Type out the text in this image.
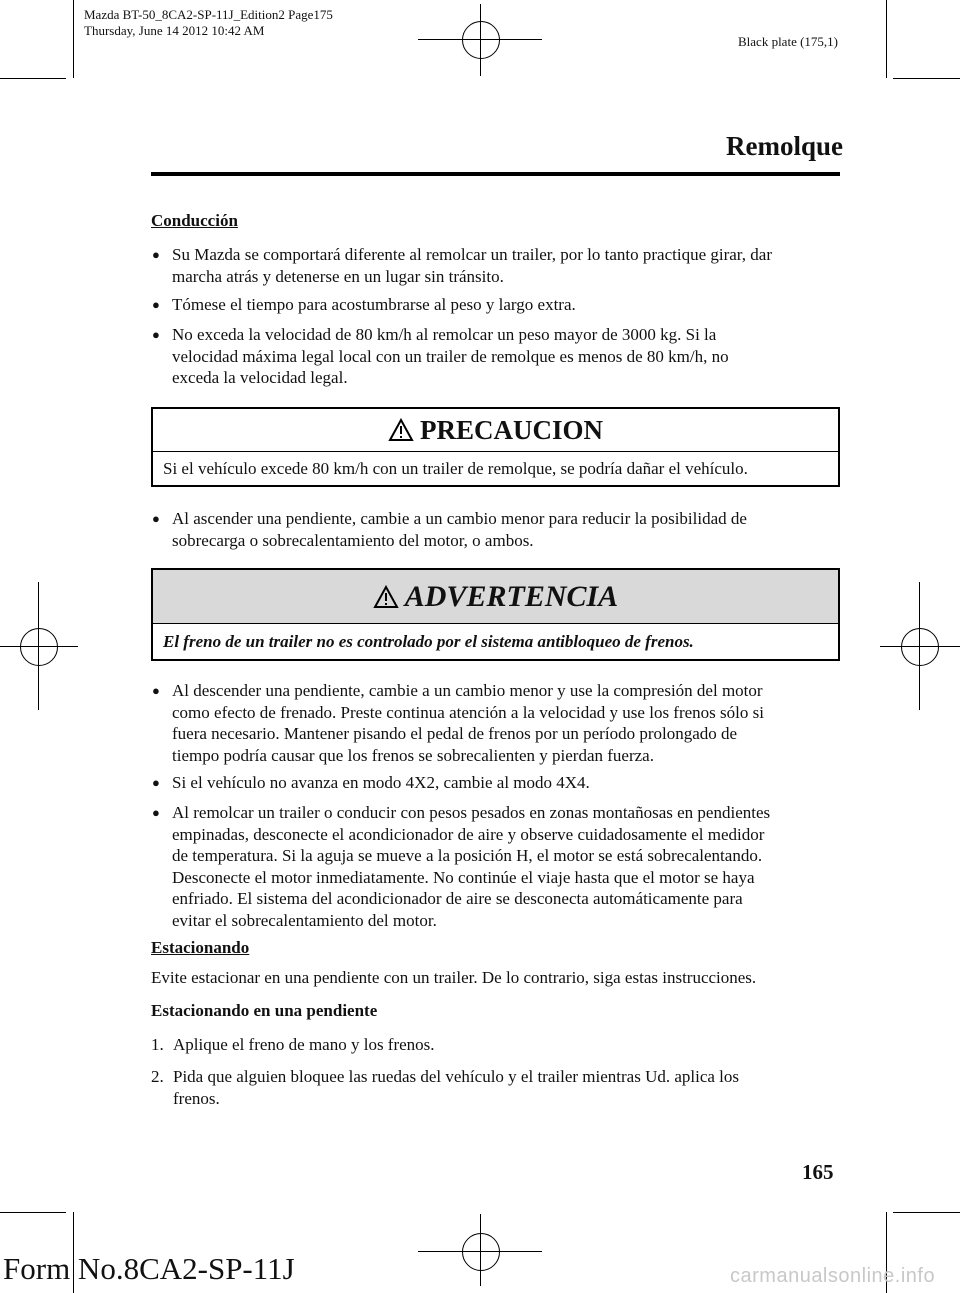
Mazda BT-50_8CA2-SP-11J_Edition2 Page175
Thursday, June 14 2012 10:42 AM
Black plate (175,1)
Remolque
Conducción
● Su Mazda se comportará diferente al remolcar un trailer, por lo tanto practique girar, dar
marcha atrás y detenerse en un lugar sin tránsito.
● Tómese el tiempo para acostumbrarse al peso y largo extra.
● No exceda la velocidad de 80 km/h al remolcar un peso mayor de 3000 kg. Si la
velocidad máxima legal local con un trailer de remolque es menos de 80 km/h, no
exceda la velocidad legal.
PRECAUCION
Si el vehículo excede 80 km/h con un trailer de remolque, se podría dañar el vehículo.
● Al ascender una pendiente, cambie a un cambio menor para reducir la posibilidad de
sobrecarga o sobrecalentamiento del motor, o ambos.
ADVERTENCIA
El freno de un trailer no es controlado por el sistema antibloqueo de frenos.
● Al descender una pendiente, cambie a un cambio menor y use la compresión del motor
como efecto de frenado. Preste continua atención a la velocidad y use los frenos sólo si
fuera necesario. Mantener pisando el pedal de frenos por un período prolongado de
tiempo podría causar que los frenos se sobrecalienten y pierdan fuerza.
● Si el vehículo no avanza en modo 4X2, cambie al modo 4X4.
● Al remolcar un trailer o conducir con pesos pesados en zonas montañosas en pendientes
empinadas, desconecte el acondicionador de aire y observe cuidadosamente el medidor
de temperatura. Si la aguja se mueve a la posición H, el motor se está sobrecalentando.
Desconecte el motor inmediatamente. No continúe el viaje hasta que el motor se haya
enfriado. El sistema del acondicionador de aire se desconecta automáticamente para
evitar el sobrecalentamiento del motor.
Estacionando
Evite estacionar en una pendiente con un trailer. De lo contrario, siga estas instrucciones.
Estacionando en una pendiente
1. Aplique el freno de mano y los frenos.
2. Pida que alguien bloquee las ruedas del vehículo y el trailer mientras Ud. aplica los
frenos.
165
Form No.8CA2-SP-11J	carmanualsonline.info
